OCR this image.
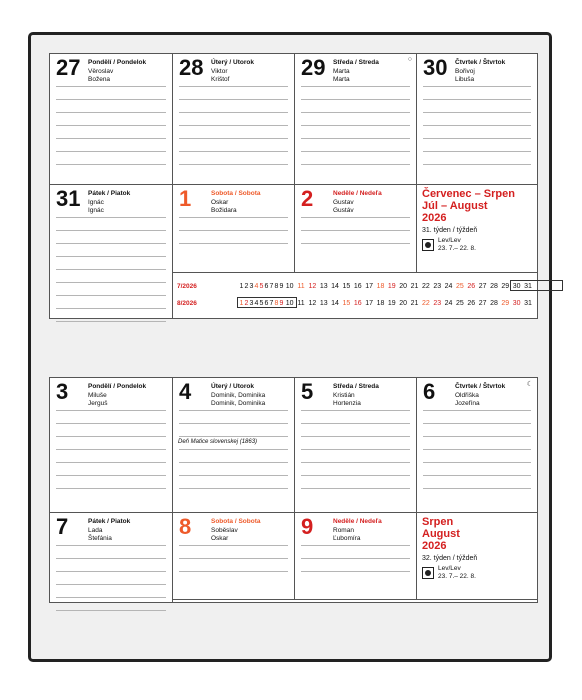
27 Pondělí / Pondelok
Věroslav
Božena	28 Úterý / Utorok
Viktor
Krištof
○
29 Středa / Streda
Marta
Marta	30 Čtvrtek / Štvrtok
Bořivoj
Libuša
31 Pátek / Piatok
Ignác
Ignác	1	Sobota / Sobota
Oskar
Božidara	2	Neděle / Nedeľa
Gustav
Gustáv
Červenec – Srpen
Júl – August
2026
31. týden / týždeň
Lev/Lev
23. 7.– 22. 8.
7/2026	1 2 3 4 5 6 7 8 9 10 11 12 13 14 15 16 17 18 19 20 21 22 23 24 25 26 27 28 29 30 31
8/2026	1 2 3 4 5 6 7 8 9 10 11 12 13 14 15 16 17 18 19 20 21 22 23 24 25 26 27 28 29 30 31
3	Pondělí / Pondelok
Miluše
Jerguš
Deň Matice slovenskej (1863)
4	Úterý / Utorok
Dominik, Dominika
Dominik, Dominika 5	Středa / Streda
Kristián
Hortenzia
☾
6	Čtvrtek / Štvrtok
Oldřiška
Jozefína
7	Pátek / Piatok
Lada
Štefánia	8	Sobota / Sobota
Soběslav
Oskar	9	Neděle / Nedeľa
Roman
Ľubomíra
Srpen
August
2026
32. týden / týždeň
Lev/Lev
23. 7.– 22. 8.
